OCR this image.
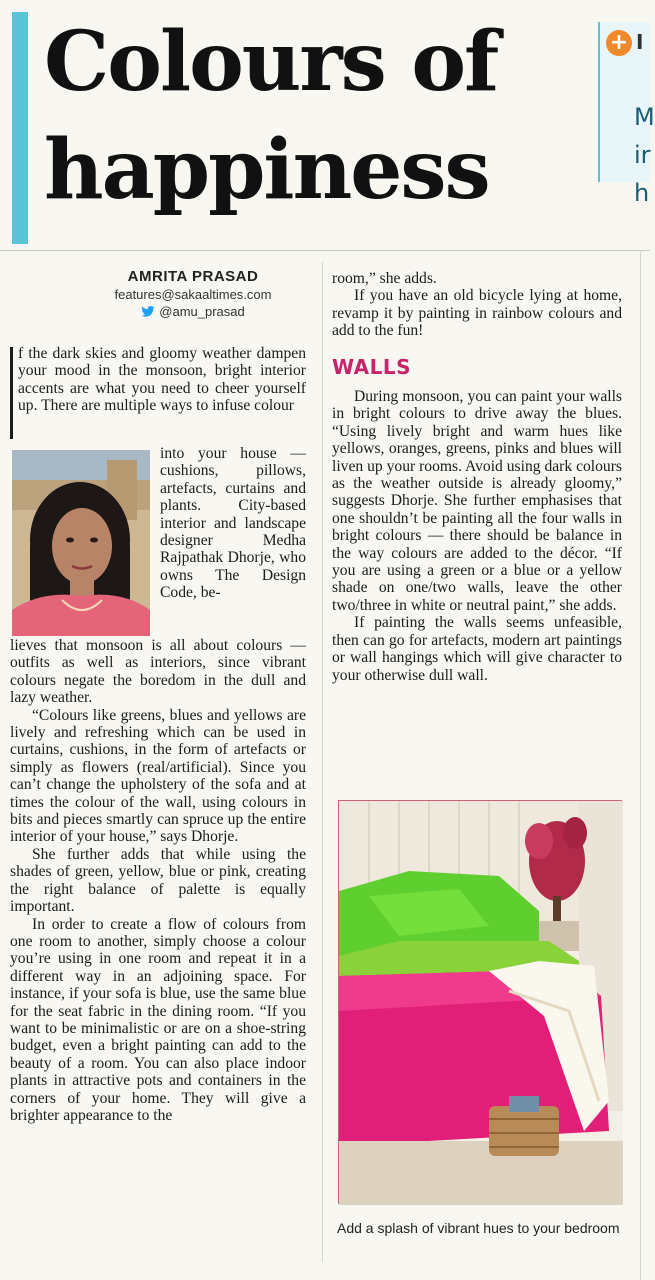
Colours of
happiness
+ I
M
ir
h
AMRITA PRASAD
features@sakaaltimes.com
@amu_prasad

f the dark skies and gloomy weather dampen your mood in the monsoon, bright interior accents are what you need to cheer yourself up. There are multiple ways to infuse colour

into your house — cushions, pillows, artefacts, curtains and plants. City-based interior and landscape designer Medha Rajpathak Dhorje, who owns The Design Code, be-

lieves that monsoon is all about colours — outfits as well as interiors, since vibrant colours negate the boredom in the dull and lazy weather.

“Colours like greens, blues and yellows are lively and refreshing which can be used in curtains, cushions, in the form of artefacts or simply as flowers (real/artificial). Since you can’t change the upholstery of the sofa and at times the colour of the wall, using colours in bits and pieces smartly can spruce up the entire interior of your house,” says Dhorje.

She further adds that while using the shades of green, yellow, blue or pink, creating the right balance of palette is equally important.

In order to create a flow of colours from one room to another, simply choose a colour you’re using in one room and repeat it in a different way in an adjoining space. For instance, if your sofa is blue, use the same blue for the seat fabric in the dining room. “If you want to be minimalistic or are on a shoe-string budget, even a bright painting can add to the beauty of a room. You can also place indoor plants in attractive pots and containers in the corners of your home. They will give a brighter appearance to the

room,” she adds.

If you have an old bicycle lying at home, revamp it by painting in rainbow colours and add to the fun!

WALLS

During monsoon, you can paint your walls in bright colours to drive away the blues. “Using lively bright and warm hues like yellows, oranges, greens, pinks and blues will liven up your rooms. Avoid using dark colours as the weather outside is already gloomy,” suggests Dhorje. She further emphasises that one shouldn’t be painting all the four walls in bright colours — there should be balance in the way colours are added to the décor. “If you are using a green or a blue or a yellow shade on one/two walls, leave the other two/three in white or neutral paint,” she adds.

If painting the walls seems unfeasible, then can go for artefacts, modern art paintings or wall hangings which will give character to your otherwise dull wall.

Add a splash of vibrant hues to your bedroom
